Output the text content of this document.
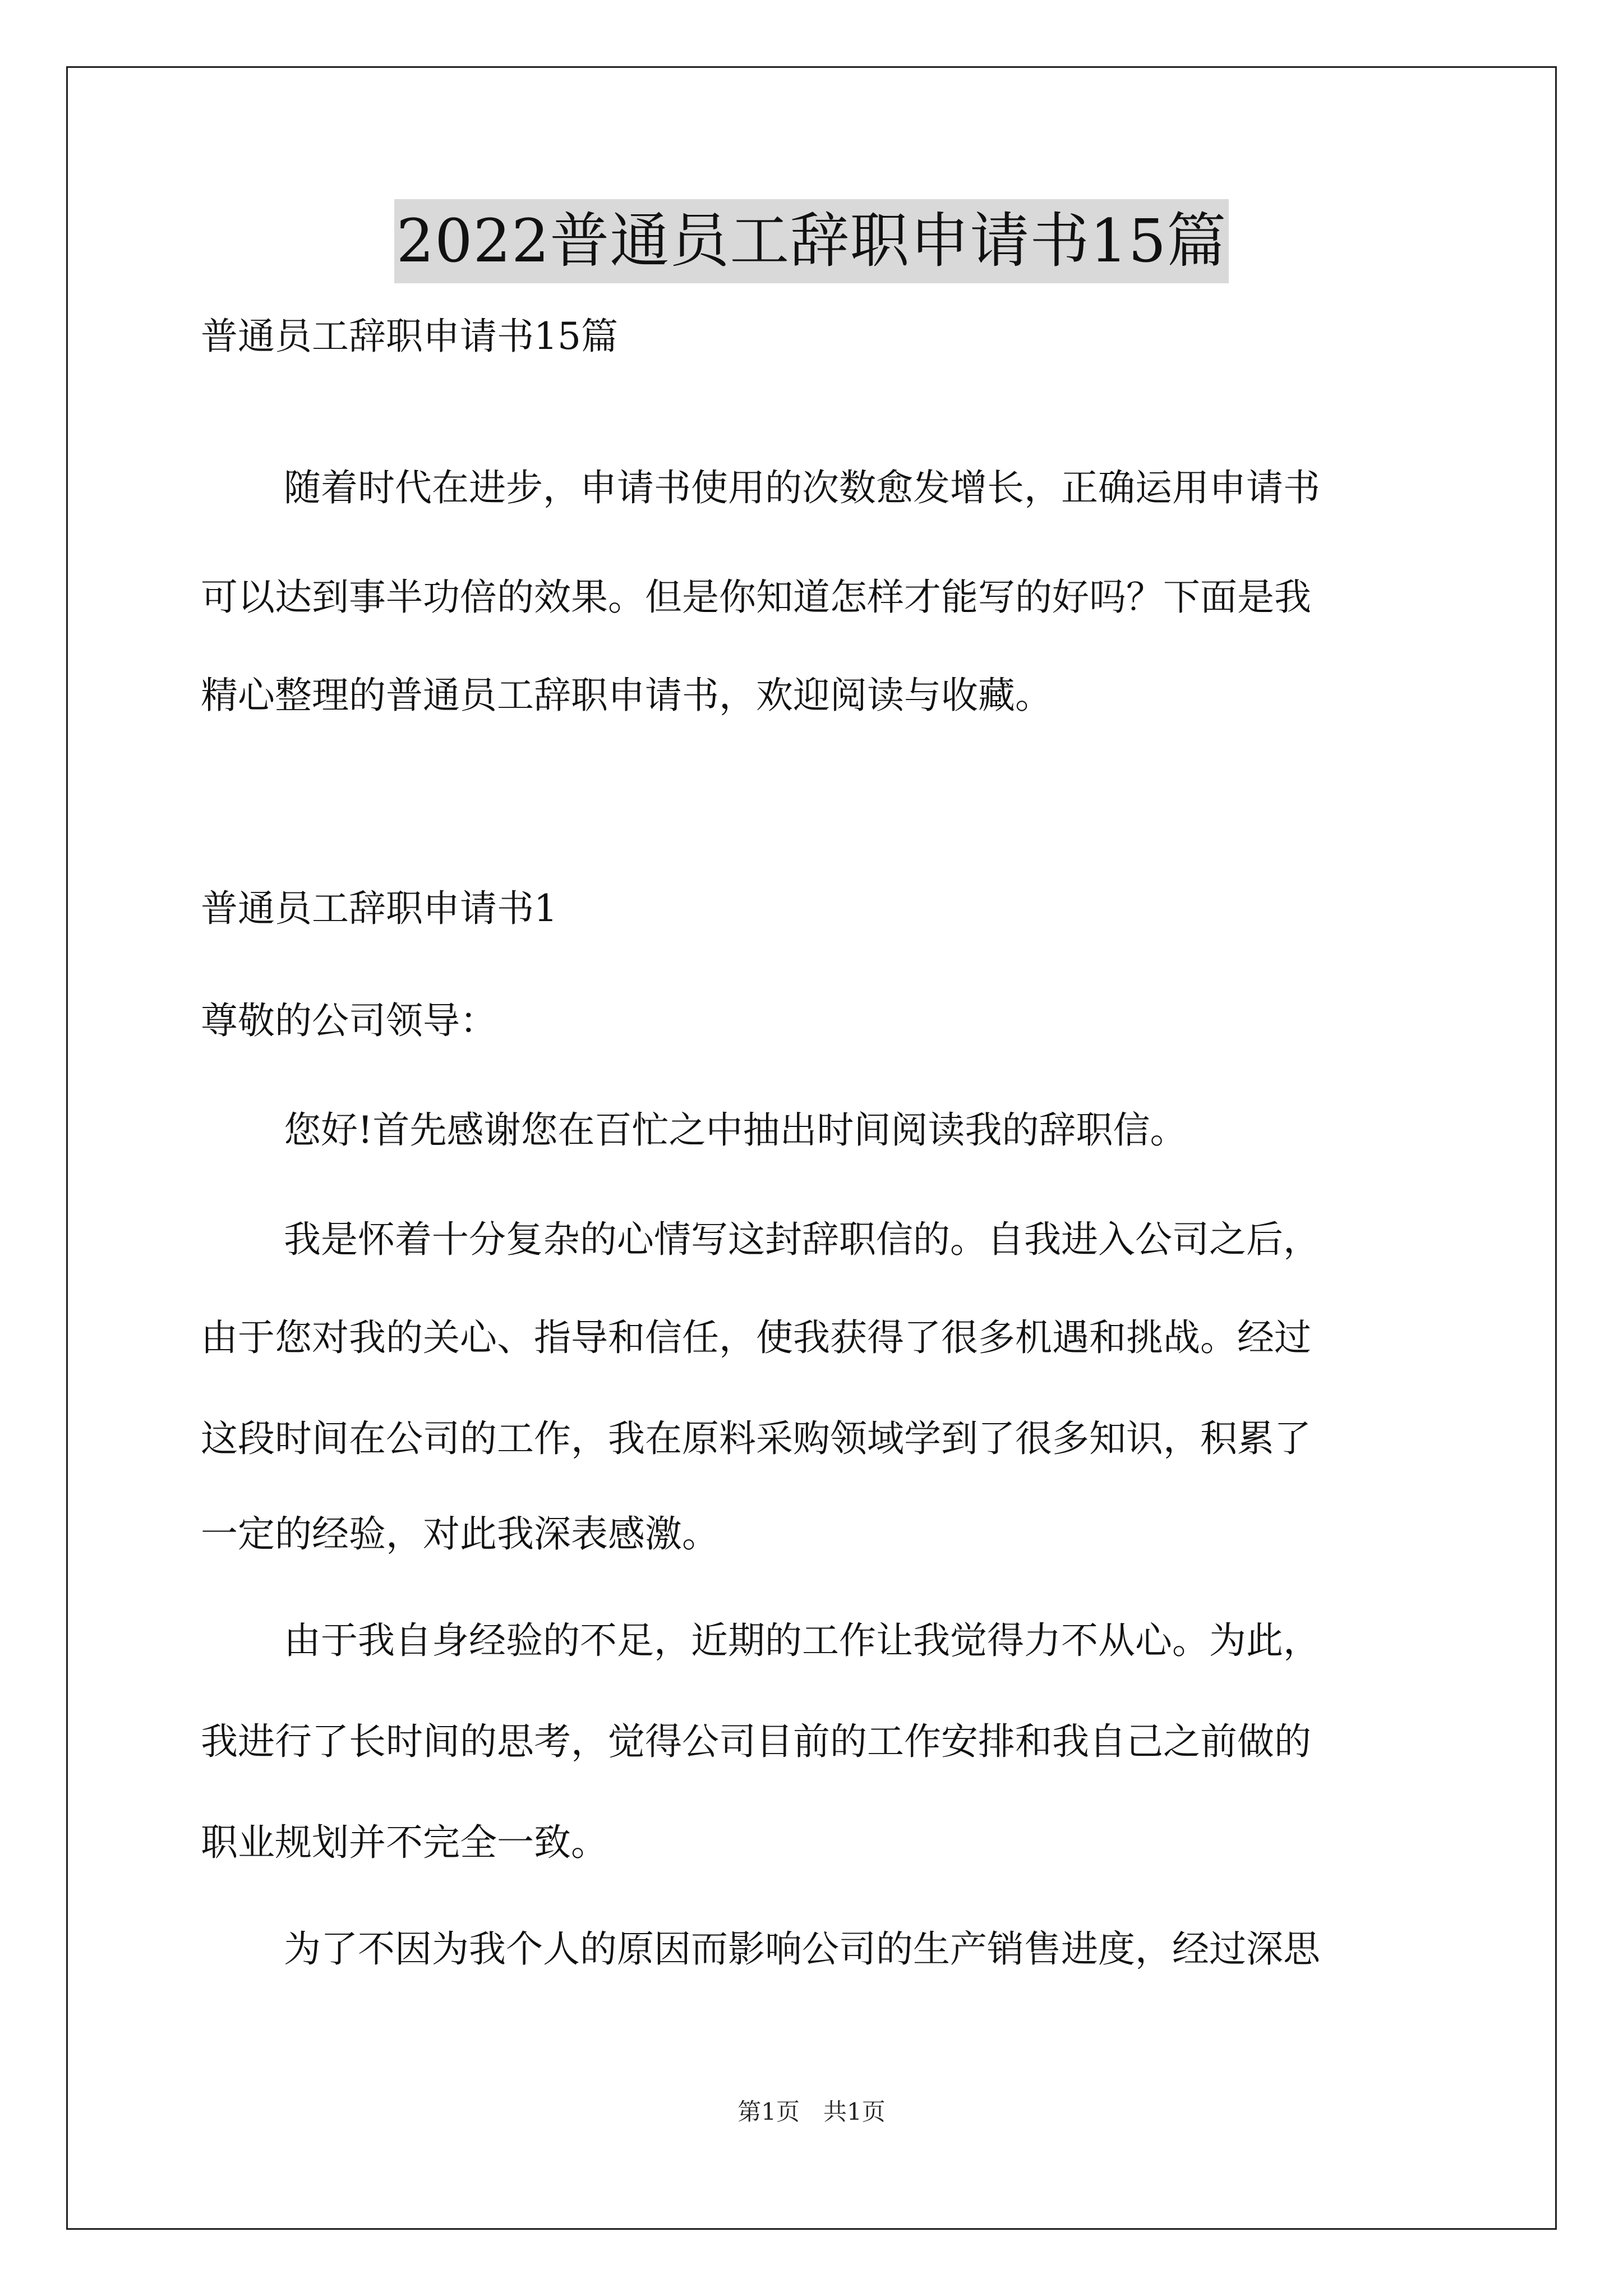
2022普通员工辞职申请书15篇
普通员工辞职申请书15篇
随着时代在进步，申请书使用的次数愈发增长，正确运用申请书
可以达到事半功倍的效果。但是你知道怎样才能写的好吗？下面是我
精心整理的普通员工辞职申请书，欢迎阅读与收藏。
普通员工辞职申请书1
尊敬的公司领导：
您好!首先感谢您在百忙之中抽出时间阅读我的辞职信。
我是怀着十分复杂的心情写这封辞职信的。自我进入公司之后，
由于您对我的关心、指导和信任，使我获得了很多机遇和挑战。经过
这段时间在公司的工作，我在原料采购领域学到了很多知识，积累了
一定的经验，对此我深表感激。
由于我自身经验的不足，近期的工作让我觉得力不从心。为此，
我进行了长时间的思考，觉得公司目前的工作安排和我自己之前做的
职业规划并不完全一致。
为了不因为我个人的原因而影响公司的生产销售进度，经过深思
第1页　共1页
